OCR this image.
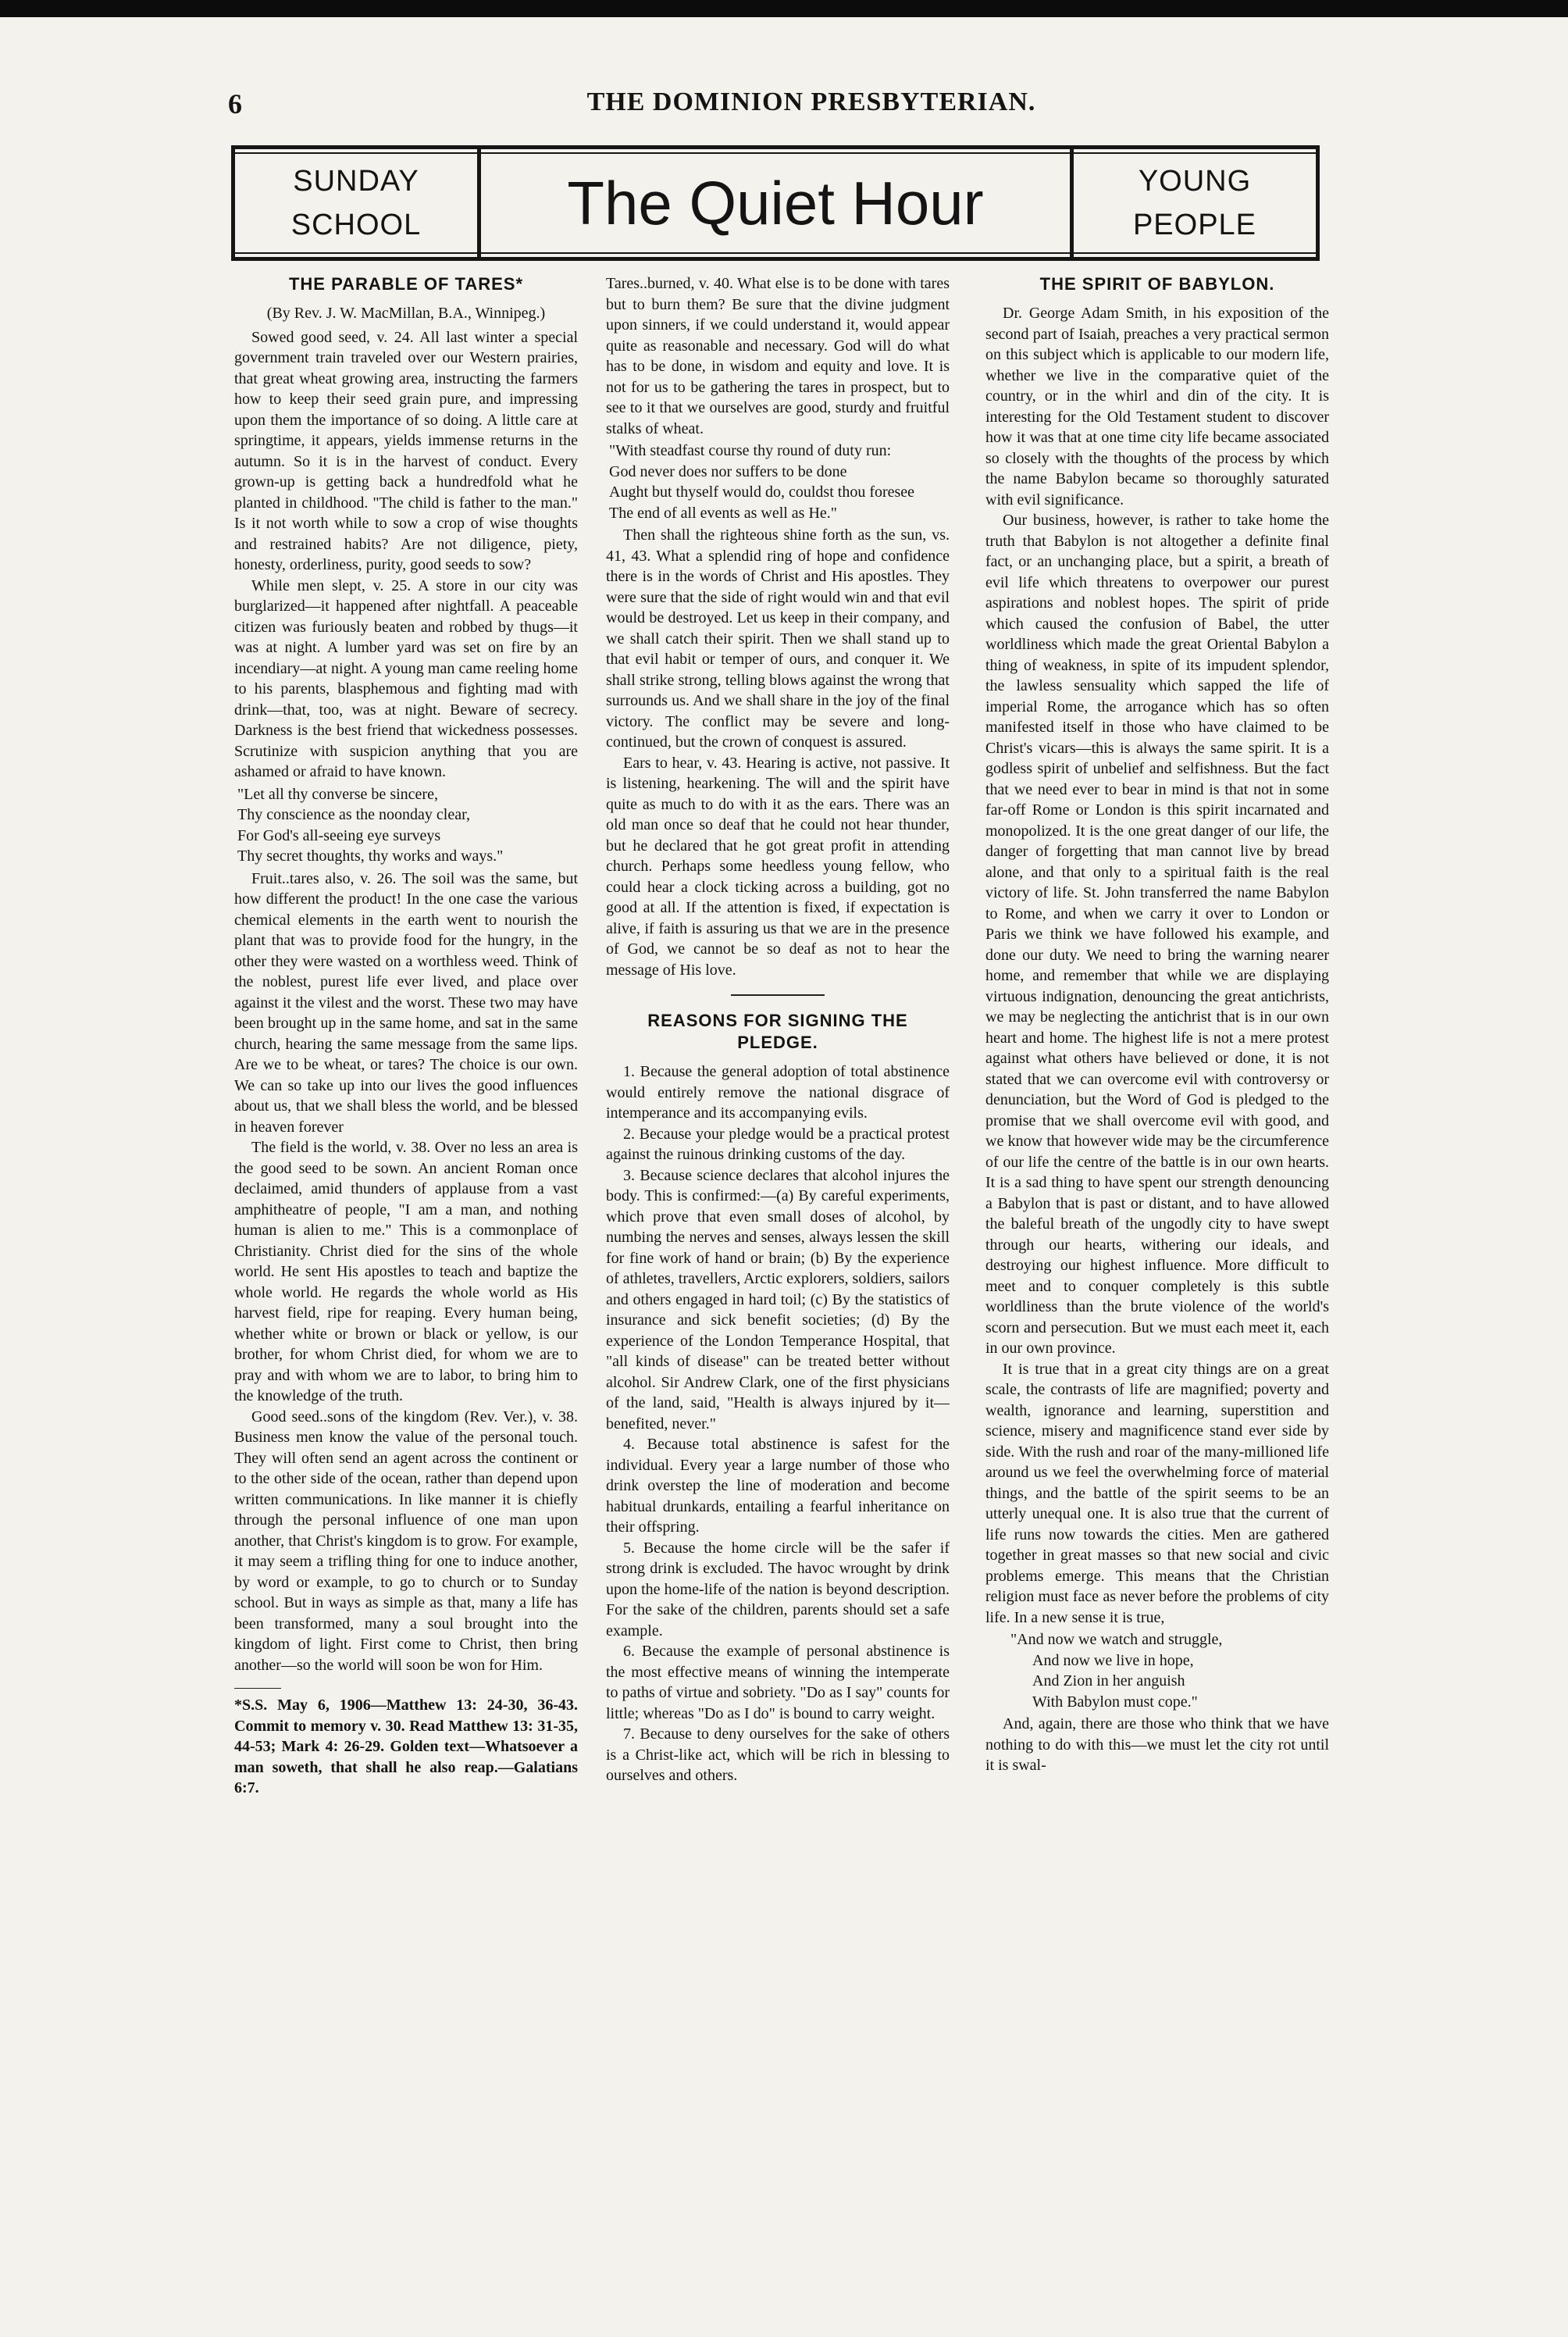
6	THE DOMINION PRESBYTERIAN.
SUNDAY
SCHOOL	The Quiet Hour	YOUNG
PEOPLE
THE PARABLE OF TARES*

(By Rev. J. W. MacMillan, B.A., Winnipeg.)

Sowed good seed, v. 24. All last winter a special government train traveled over our Western prairies, that great wheat growing area, instructing the farmers how to keep their seed grain pure, and impressing upon them the importance of so doing. A little care at springtime, it appears, yields immense returns in the autumn. So it is in the harvest of conduct. Every grown-up is getting back a hundredfold what he planted in childhood. "The child is father to the man." Is it not worth while to sow a crop of wise thoughts and restrained habits? Are not diligence, piety, honesty, orderliness, purity, good seeds to sow?

While men slept, v. 25. A store in our city was burglarized—it happened after nightfall. A peaceable citizen was furiously beaten and robbed by thugs—it was at night. A lumber yard was set on fire by an incendiary—at night. A young man came reeling home to his parents, blasphemous and fighting mad with drink—that, too, was at night. Beware of secrecy. Darkness is the best friend that wickedness possesses. Scrutinize with suspicion anything that you are ashamed or afraid to have known.

"Let all thy converse be sincere,
Thy conscience as the noonday clear,
For God's all-seeing eye surveys
Thy secret thoughts, thy works and ways."

Fruit..tares also, v. 26. The soil was the same, but how different the product! In the one case the various chemical elements in the earth went to nourish the plant that was to provide food for the hungry, in the other they were wasted on a worthless weed. Think of the noblest, purest life ever lived, and place over against it the vilest and the worst. These two may have been brought up in the same home, and sat in the same church, hearing the same message from the same lips. Are we to be wheat, or tares? The choice is our own. We can so take up into our lives the good influences about us, that we shall bless the world, and be blessed in heaven forever

The field is the world, v. 38. Over no less an area is the good seed to be sown. An ancient Roman once declaimed, amid thunders of applause from a vast amphitheatre of people, "I am a man, and nothing human is alien to me." This is a commonplace of Christianity. Christ died for the sins of the whole world. He sent His apostles to teach and baptize the whole world. He regards the whole world as His harvest field, ripe for reaping. Every human being, whether white or brown or black or yellow, is our brother, for whom Christ died, for whom we are to pray and with whom we are to labor, to bring him to the knowledge of the truth.

Good seed..sons of the kingdom (Rev. Ver.), v. 38. Business men know the value of the personal touch. They will often send an agent across the continent or to the other side of the ocean, rather than depend upon written communications. In like manner it is chiefly through the personal influence of one man upon another, that Christ's kingdom is to grow. For example, it may seem a trifling thing for one to induce another, by word or example, to go to church or to Sunday school. But in ways as simple as that, many a life has been transformed, many a soul brought into the kingdom of light. First come to Christ, then bring another—so the world will soon be won for Him.

*S.S. May 6, 1906—Matthew 13: 24-30, 36-43. Commit to memory v. 30. Read Matthew 13: 31-35, 44-53; Mark 4: 26-29. Golden text—Whatsoever a man soweth, that shall he also reap.—Galatians 6:7.

Tares..burned, v. 40. What else is to be done with tares but to burn them? Be sure that the divine judgment upon sinners, if we could understand it, would appear quite as reasonable and necessary. God will do what has to be done, in wisdom and equity and love. It is not for us to be gathering the tares in prospect, but to see to it that we ourselves are good, sturdy and fruitful stalks of wheat.

"With steadfast course thy round of duty run:
God never does nor suffers to be done
Aught but thyself would do, couldst thou foresee
The end of all events as well as He."

Then shall the righteous shine forth as the sun, vs. 41, 43. What a splendid ring of hope and confidence there is in the words of Christ and His apostles. They were sure that the side of right would win and that evil would be destroyed. Let us keep in their company, and we shall catch their spirit. Then we shall stand up to that evil habit or temper of ours, and conquer it. We shall strike strong, telling blows against the wrong that surrounds us. And we shall share in the joy of the final victory. The conflict may be severe and long-continued, but the crown of conquest is assured.

Ears to hear, v. 43. Hearing is active, not passive. It is listening, hearkening. The will and the spirit have quite as much to do with it as the ears. There was an old man once so deaf that he could not hear thunder, but he declared that he got great profit in attending church. Perhaps some heedless young fellow, who could hear a clock ticking across a building, got no good at all. If the attention is fixed, if expectation is alive, if faith is assuring us that we are in the presence of God, we cannot be so deaf as not to hear the message of His love.

REASONS FOR SIGNING THE PLEDGE.

1. Because the general adoption of total abstinence would entirely remove the national disgrace of intemperance and its accompanying evils.

2. Because your pledge would be a practical protest against the ruinous drinking customs of the day.

3. Because science declares that alcohol injures the body. This is confirmed:—(a) By careful experiments, which prove that even small doses of alcohol, by numbing the nerves and senses, always lessen the skill for fine work of hand or brain; (b) By the experience of athletes, travellers, Arctic explorers, soldiers, sailors and others engaged in hard toil; (c) By the statistics of insurance and sick benefit societies; (d) By the experience of the London Temperance Hospital, that "all kinds of disease" can be treated better without alcohol. Sir Andrew Clark, one of the first physicians of the land, said, "Health is always injured by it—benefited, never."

4. Because total abstinence is safest for the individual. Every year a large number of those who drink overstep the line of moderation and become habitual drunkards, entailing a fearful inheritance on their offspring.

5. Because the home circle will be the safer if strong drink is excluded. The havoc wrought by drink upon the home-life of the nation is beyond description. For the sake of the children, parents should set a safe example.

6. Because the example of personal abstinence is the most effective means of winning the intemperate to paths of virtue and sobriety. "Do as I say" counts for little; whereas "Do as I do" is bound to carry weight.

7. Because to deny ourselves for the sake of others is a Christ-like act, which will be rich in blessing to ourselves and others.

THE SPIRIT OF BABYLON.

Dr. George Adam Smith, in his exposition of the second part of Isaiah, preaches a very practical sermon on this subject which is applicable to our modern life, whether we live in the comparative quiet of the country, or in the whirl and din of the city. It is interesting for the Old Testament student to discover how it was that at one time city life became associated so closely with the thoughts of the process by which the name Babylon became so thoroughly saturated with evil significance.

Our business, however, is rather to take home the truth that Babylon is not altogether a definite final fact, or an unchanging place, but a spirit, a breath of evil life which threatens to overpower our purest aspirations and noblest hopes. The spirit of pride which caused the confusion of Babel, the utter worldliness which made the great Oriental Babylon a thing of weakness, in spite of its impudent splendor, the lawless sensuality which sapped the life of imperial Rome, the arrogance which has so often manifested itself in those who have claimed to be Christ's vicars—this is always the same spirit. It is a godless spirit of unbelief and selfishness. But the fact that we need ever to bear in mind is that not in some far-off Rome or London is this spirit incarnated and monopolized. It is the one great danger of our life, the danger of forgetting that man cannot live by bread alone, and that only to a spiritual faith is the real victory of life. St. John transferred the name Babylon to Rome, and when we carry it over to London or Paris we think we have followed his example, and done our duty. We need to bring the warning nearer home, and remember that while we are displaying virtuous indignation, denouncing the great antichrists, we may be neglecting the antichrist that is in our own heart and home. The highest life is not a mere protest against what others have believed or done, it is not stated that we can overcome evil with controversy or denunciation, but the Word of God is pledged to the promise that we shall overcome evil with good, and we know that however wide may be the circumference of our life the centre of the battle is in our own hearts. It is a sad thing to have spent our strength denouncing a Babylon that is past or distant, and to have allowed the baleful breath of the ungodly city to have swept through our hearts, withering our ideals, and destroying our highest influence. More difficult to meet and to conquer completely is this subtle worldliness than the brute violence of the world's scorn and persecution. But we must each meet it, each in our own province.

It is true that in a great city things are on a great scale, the contrasts of life are magnified; poverty and wealth, ignorance and learning, superstition and science, misery and magnificence stand ever side by side. With the rush and roar of the many-millioned life around us we feel the overwhelming force of material things, and the battle of the spirit seems to be an utterly unequal one. It is also true that the current of life runs now towards the cities. Men are gathered together in great masses so that new social and civic problems emerge. This means that the Christian religion must face as never before the problems of city life. In a new sense it is true,

"And now we watch and struggle,
And now we live in hope,
And Zion in her anguish
With Babylon must cope."

And, again, there are those who think that we have nothing to do with this—we must let the city rot until it is swal-
